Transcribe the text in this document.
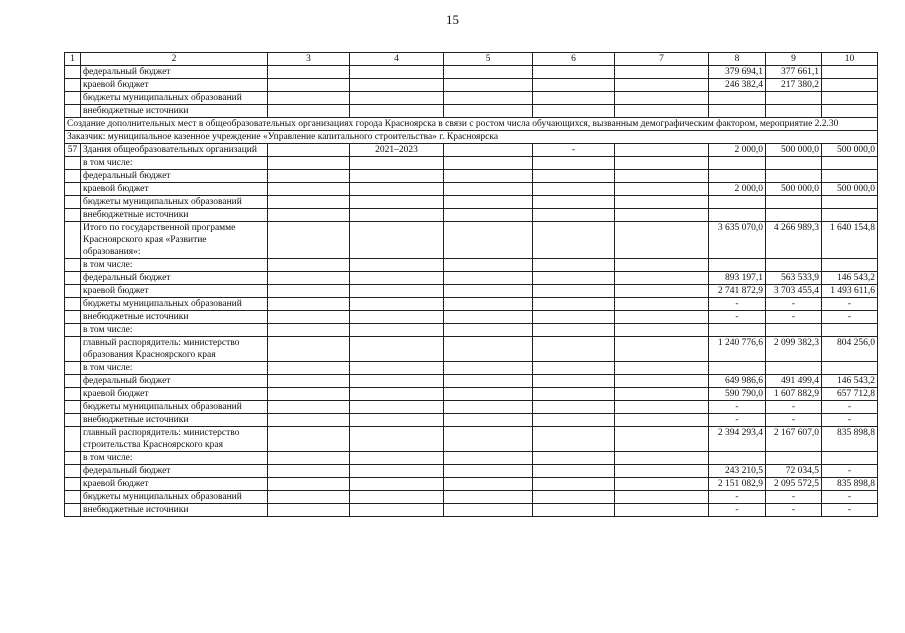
15
1	2	3	4	5	6	7	8	9	10
	федеральный бюджет						379 694,1	377 661,1	
	краевой бюджет						246 382,4	217 380,2	
	бюджеты муниципальных образований								
	внебюджетные источники								
Создание дополнительных мест в общеобразовательных организациях города Красноярска в связи с ростом числа обучающихся, вызванным демографическим фактором, мероприятие 2.2.30									
Заказчик: муниципальное казенное учреждение «Управление капитального строительства» г. Красноярска									
57	Здания общеобразовательных организаций		2021–2023		-		2 000,0	500 000,0	500 000,0
	в том числе:								
	федеральный бюджет								
	краевой бюджет						2 000,0	500 000,0	500 000,0
	бюджеты муниципальных образований								
	внебюджетные источники								
	Итого по государственной программе Красноярского края «Развитие образования»:						3 635 070,0	4 266 989,3	1 640 154,8
	в том числе:								
	федеральный бюджет						893 197,1	563 533,9	146 543,2
	краевой бюджет						2 741 872,9	3 703 455,4	1 493 611,6
	бюджеты муниципальных образований						-	-	-
	внебюджетные источники						-	-	-
	в том числе:								
	главный распорядитель: министерство образования Красноярского края						1 240 776,6	2 099 382,3	804 256,0
	в том числе:								
	федеральный бюджет						649 986,6	491 499,4	146 543,2
	краевой бюджет						590 790,0	1 607 882,9	657 712,8
	бюджеты муниципальных образований						-	-	-
	внебюджетные источники						-	-	-
	главный распорядитель: министерство строительства Красноярского края						2 394 293,4	2 167 607,0	835 898,8
	в том числе:								
	федеральный бюджет						243 210,5	72 034,5	-
	краевой бюджет						2 151 082,9	2 095 572,5	835 898,8
	бюджеты муниципальных образований						-	-	-
	внебюджетные источники						-	-	-
